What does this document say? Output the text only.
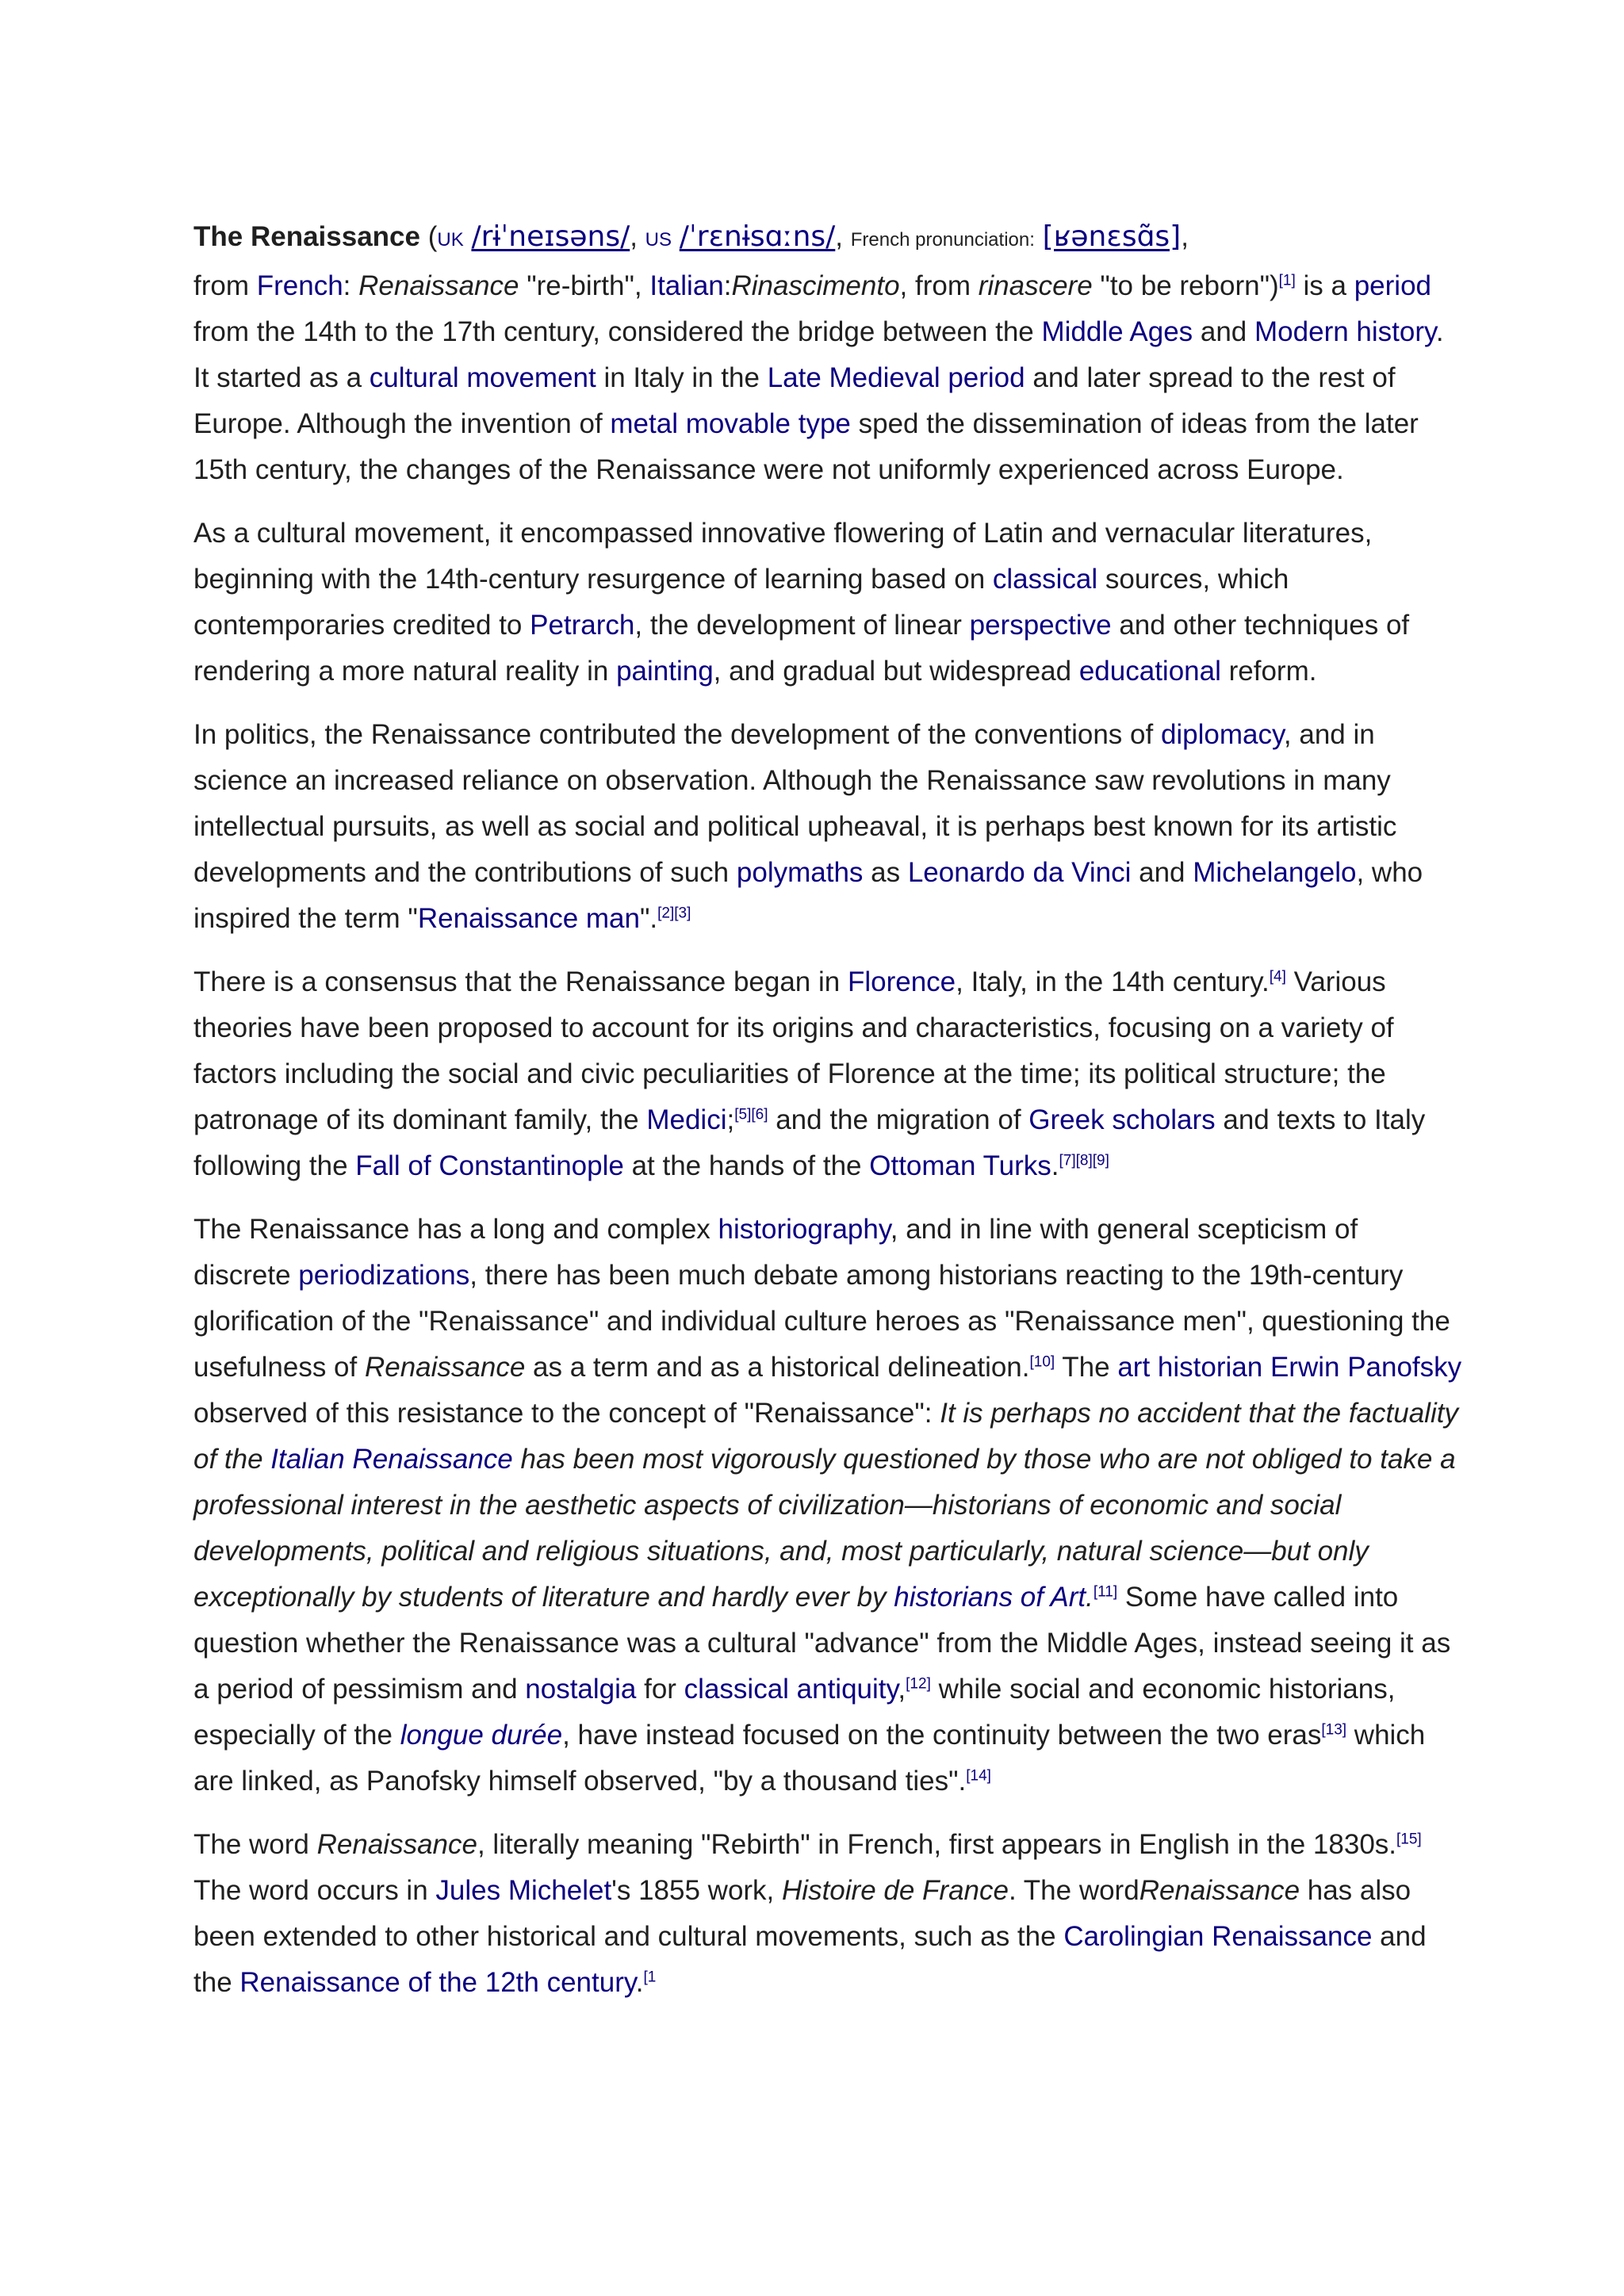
The Renaissance (UK /rɨˈneɪsəns/, US /ˈrɛnɨsɑːns/, French pronunciation: [ʁənɛsɑ̃s],
from French: Renaissance "re-birth", Italian:Rinascimento, from rinascere "to be reborn")[1] is a period from the 14th to the 17th century, considered the bridge between the Middle Ages and Modern history. It started as a cultural movement in Italy in the Late Medieval period and later spread to the rest of Europe. Although the invention of metal movable type sped the dissemination of ideas from the later 15th century, the changes of the Renaissance were not uniformly experienced across Europe.

As a cultural movement, it encompassed innovative flowering of Latin and vernacular literatures, beginning with the 14th-century resurgence of learning based on classical sources, which contemporaries credited to Petrarch, the development of linear perspective and other techniques of rendering a more natural reality in painting, and gradual but widespread educational reform.

In politics, the Renaissance contributed the development of the conventions of diplomacy, and in science an increased reliance on observation. Although the Renaissance saw revolutions in many intellectual pursuits, as well as social and political upheaval, it is perhaps best known for its artistic developments and the contributions of such polymaths as Leonardo da Vinci and Michelangelo, who inspired the term "Renaissance man".[2][3]

There is a consensus that the Renaissance began in Florence, Italy, in the 14th century.[4] Various theories have been proposed to account for its origins and characteristics, focusing on a variety of factors including the social and civic peculiarities of Florence at the time; its political structure; the patronage of its dominant family, the Medici;[5][6] and the migration of Greek scholars and texts to Italy following the Fall of Constantinople at the hands of the Ottoman Turks.[7][8][9]

The Renaissance has a long and complex historiography, and in line with general scepticism of discrete periodizations, there has been much debate among historians reacting to the 19th-century glorification of the "Renaissance" and individual culture heroes as "Renaissance men", questioning the usefulness of Renaissance as a term and as a historical delineation.[10] The art historian Erwin Panofsky observed of this resistance to the concept of "Renaissance": It is perhaps no accident that the factuality of the Italian Renaissance has been most vigorously questioned by those who are not obliged to take a professional interest in the aesthetic aspects of civilization—historians of economic and social developments, political and religious situations, and, most particularly, natural science—but only exceptionally by students of literature and hardly ever by historians of Art.[11] Some have called into question whether the Renaissance was a cultural "advance" from the Middle Ages, instead seeing it as a period of pessimism and nostalgia for classical antiquity,[12] while social and economic historians, especially of the longue durée, have instead focused on the continuity between the two eras[13] which are linked, as Panofsky himself observed, "by a thousand ties".[14]

The word Renaissance, literally meaning "Rebirth" in French, first appears in English in the 1830s.[15] The word occurs in Jules Michelet's 1855 work, Histoire de France. The wordRenaissance has also been extended to other historical and cultural movements, such as the Carolingian Renaissance and the Renaissance of the 12th century.$^{[1}$
